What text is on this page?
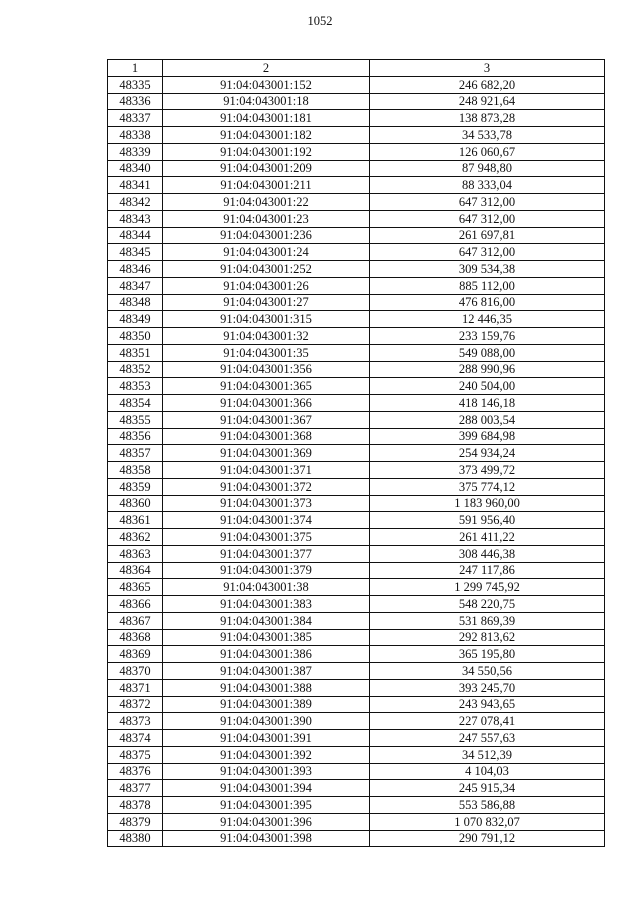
1052
1	2	3
48335	91:04:043001:152	246 682,20
48336	91:04:043001:18	248 921,64
48337	91:04:043001:181	138 873,28
48338	91:04:043001:182	34 533,78
48339	91:04:043001:192	126 060,67
48340	91:04:043001:209	87 948,80
48341	91:04:043001:211	88 333,04
48342	91:04:043001:22	647 312,00
48343	91:04:043001:23	647 312,00
48344	91:04:043001:236	261 697,81
48345	91:04:043001:24	647 312,00
48346	91:04:043001:252	309 534,38
48347	91:04:043001:26	885 112,00
48348	91:04:043001:27	476 816,00
48349	91:04:043001:315	12 446,35
48350	91:04:043001:32	233 159,76
48351	91:04:043001:35	549 088,00
48352	91:04:043001:356	288 990,96
48353	91:04:043001:365	240 504,00
48354	91:04:043001:366	418 146,18
48355	91:04:043001:367	288 003,54
48356	91:04:043001:368	399 684,98
48357	91:04:043001:369	254 934,24
48358	91:04:043001:371	373 499,72
48359	91:04:043001:372	375 774,12
48360	91:04:043001:373	1 183 960,00
48361	91:04:043001:374	591 956,40
48362	91:04:043001:375	261 411,22
48363	91:04:043001:377	308 446,38
48364	91:04:043001:379	247 117,86
48365	91:04:043001:38	1 299 745,92
48366	91:04:043001:383	548 220,75
48367	91:04:043001:384	531 869,39
48368	91:04:043001:385	292 813,62
48369	91:04:043001:386	365 195,80
48370	91:04:043001:387	34 550,56
48371	91:04:043001:388	393 245,70
48372	91:04:043001:389	243 943,65
48373	91:04:043001:390	227 078,41
48374	91:04:043001:391	247 557,63
48375	91:04:043001:392	34 512,39
48376	91:04:043001:393	4 104,03
48377	91:04:043001:394	245 915,34
48378	91:04:043001:395	553 586,88
48379	91:04:043001:396	1 070 832,07
48380	91:04:043001:398	290 791,12
